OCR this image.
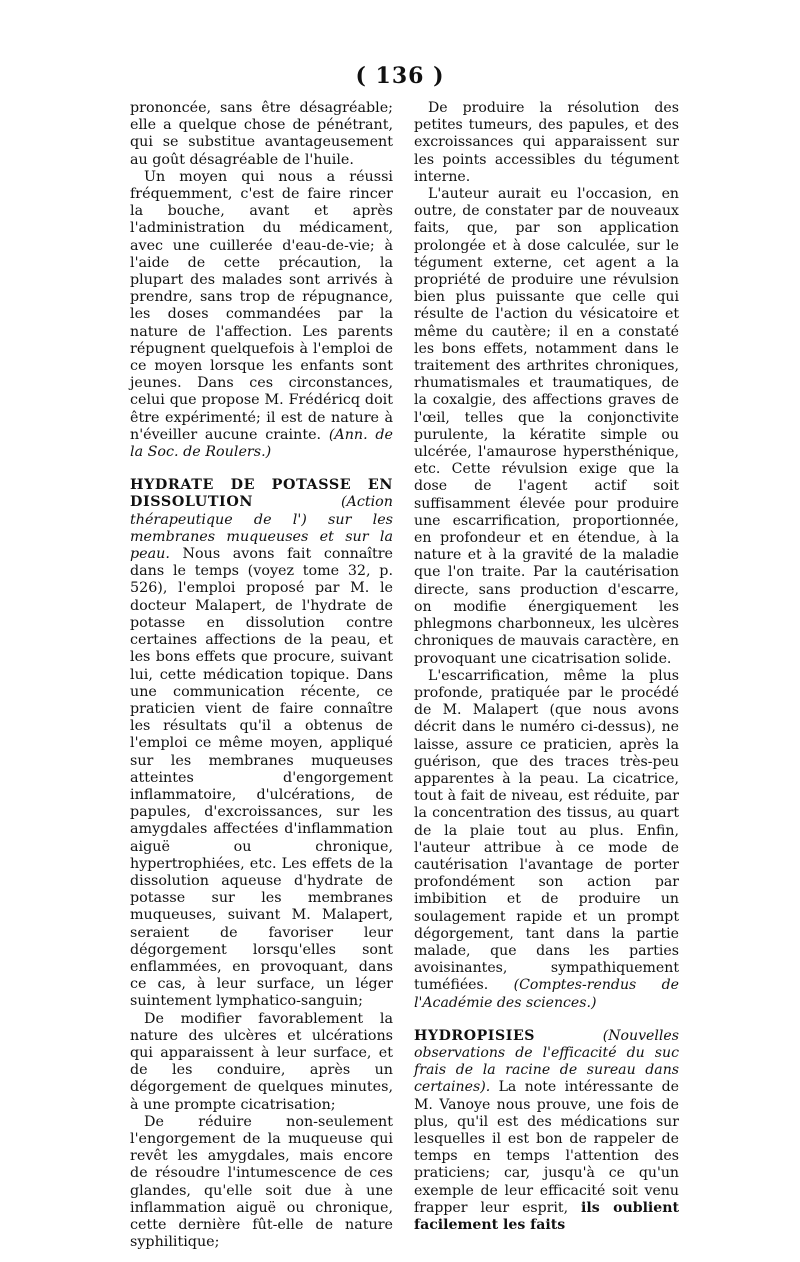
( 136 )

prononcée, sans être désagréable; elle a quelque chose de pénétrant, qui se substitue avantageusement au goût désagréable de l'huile.

Un moyen qui nous a réussi fréquemment, c'est de faire rincer la bouche, avant et après l'administration du médicament, avec une cuillerée d'eau-de-vie; à l'aide de cette précaution, la plupart des malades sont arrivés à prendre, sans trop de répugnance, les doses commandées par la nature de l'affection. Les parents répugnent quelquefois à l'emploi de ce moyen lorsque les enfants sont jeunes. Dans ces circonstances, celui que propose M. Frédéricq doit être expérimenté; il est de nature à n'éveiller aucune crainte. (Ann. de la Soc. de Roulers.)

HYDRATE DE POTASSE EN DISSOLUTION	(Action thérapeutique de l') sur les membranes muqueuses et sur la peau. Nous avons fait connaître dans le temps (voyez tome 32, p. 526), l'emploi proposé par M. le docteur Malapert, de l'hydrate de potasse en dissolution contre certaines affections de la peau, et les bons effets que procure, suivant lui, cette médication topique. Dans une communication récente, ce praticien vient de faire connaître les résultats qu'il a obtenus de l'emploi ce même moyen, appliqué sur les membranes muqueuses atteintes d'engorgement inflammatoire, d'ulcérations, de papules, d'excroissances, sur les amygdales affectées d'inflammation aiguë ou chronique, hypertrophiées, etc. Les effets de la dissolution aqueuse d'hydrate de potasse sur les membranes muqueuses, suivant M. Malapert, seraient de favoriser leur dégorgement lorsqu'elles sont enflammées, en provoquant, dans ce cas, à leur surface, un léger suintement lymphatico-sanguin;

De modifier favorablement la nature des ulcères et ulcérations qui apparaissent à leur surface, et de les conduire, après un dégorgement de quelques minutes, à une prompte cicatrisation;

De réduire non-seulement l'engorgement de la muqueuse qui revêt les amygdales, mais encore de résoudre l'intumescence de ces glandes, qu'elle soit due à une inflammation aiguë ou chronique, cette dernière fût-elle de nature syphilitique;

De produire la résolution des petites tumeurs, des papules, et des excroissances qui apparaissent sur les points accessibles du tégument interne.

L'auteur aurait eu l'occasion, en outre, de constater par de nouveaux faits, que, par son application prolongée et à dose calculée, sur le tégument externe, cet agent a la propriété de produire une révulsion bien plus puissante que celle qui résulte de l'action du vésicatoire et même du cautère; il en a constaté les bons effets, notamment dans le traitement des arthrites chroniques, rhumatismales et traumatiques, de la coxalgie, des affections graves de l'œil, telles que la conjonctivite purulente, la kératite simple ou ulcérée, l'amaurose hypersthénique, etc. Cette révulsion exige que la dose de l'agent actif soit suffisamment élevée pour produire une escarrification, proportionnée, en profondeur et en étendue, à la nature et à la gravité de la maladie que l'on traite. Par la cautérisation directe, sans production d'escarre, on modifie énergiquement les phlegmons charbonneux, les ulcères chroniques de mauvais caractère, en provoquant une cicatrisation solide.

L'escarrification, même la plus profonde, pratiquée par le procédé de M. Malapert (que nous avons décrit dans le numéro ci-dessus), ne laisse, assure ce praticien, après la guérison, que des traces très-peu apparentes à la peau. La cicatrice, tout à fait de niveau, est réduite, par la concentration des tissus, au quart de la plaie tout au plus. Enfin, l'auteur attribue à ce mode de cautérisation l'avantage de porter profondément son action par imbibition et de produire un soulagement rapide et un prompt dégorgement, tant dans la partie malade, que dans les parties avoisinantes, sympathiquement tuméfiées. (Comptes-rendus de l'Académie des sciences.)

HYDROPISIES	(Nouvelles observations de l'efficacité du suc frais de la racine de sureau dans certaines). La note intéressante de M. Vanoye nous prouve, une fois de plus, qu'il est des médications sur lesquelles il est bon de rappeler de temps en temps l'attention des praticiens; car, jusqu'à ce qu'un exemple de leur efficacité soit venu frapper leur esprit, ils oublient facilement les faits
